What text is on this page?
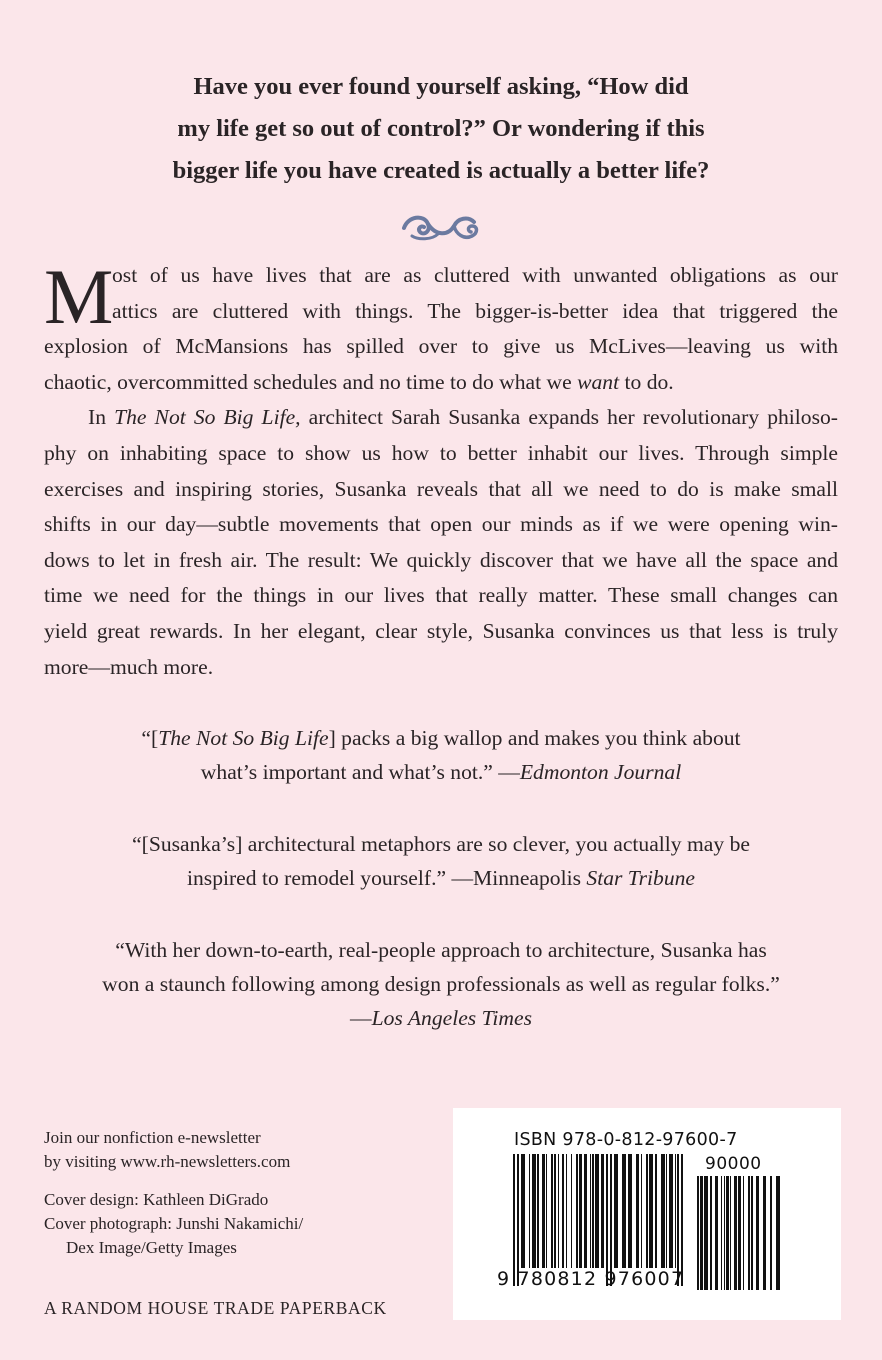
Have you ever found yourself asking, “How did
my life get so out of control?” Or wondering if this
bigger life you have created is actually a better life?
M
ost of us have lives that are as cluttered with unwanted obligations as our
attics are cluttered with things. The bigger-is-better idea that triggered the
explosion of McMansions has spilled over to give us McLives—leaving us with
chaotic, overcommitted schedules and no time to do what we want to do.
In The Not So Big Life, architect Sarah Susanka expands her revolutionary philoso-
phy on inhabiting space to show us how to better inhabit our lives. Through simple
exercises and inspiring stories, Susanka reveals that all we need to do is make small
shifts in our day—subtle movements that open our minds as if we were opening win-
dows to let in fresh air. The result: We quickly discover that we have all the space and
time we need for the things in our lives that really matter. These small changes can
yield great rewards. In her elegant, clear style, Susanka convinces us that less is truly
more—much more.
“[The Not So Big Life] packs a big wallop and makes you think about
what’s important and what’s not.” —Edmonton Journal
“[Susanka’s] architectural metaphors are so clever, you actually may be
inspired to remodel yourself.” —Minneapolis Star Tribune
“With her down-to-earth, real-people approach to architecture, Susanka has
won a staunch following among design professionals as well as regular folks.”
—Los Angeles Times
Join our nonfiction e-newsletter
by visiting www.rh-newsletters.com
Cover design: Kathleen DiGrado
Cover photograph: Junshi Nakamichi/
Dex Image/Getty Images
A RANDOM HOUSE TRADE PAPERBACK
ISBN 978-0-812-97600-7
90000
9 780812 976007
